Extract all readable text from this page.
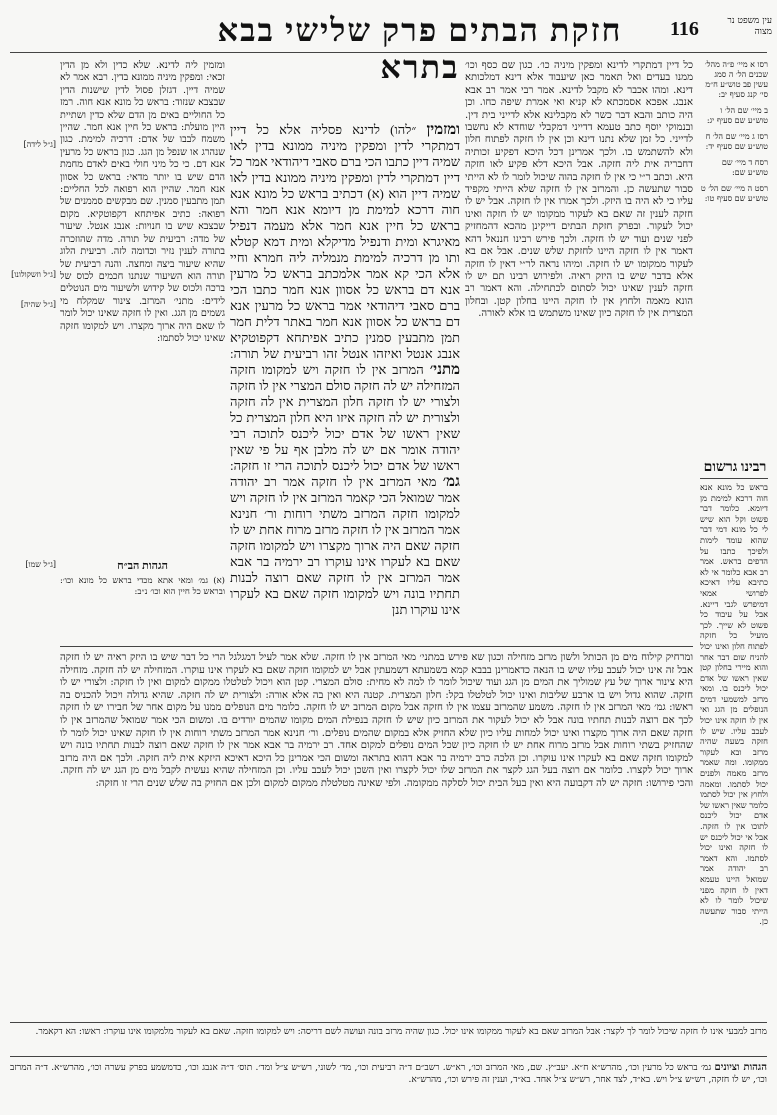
116
חזקת הבתים פרק שלישי בבא בתרא
עין משפט נר מצוה

רסו א מיי׳ פ״ה מהל׳ שכנים הל׳ ה סמג עשין פב טוש״ע ח״מ סי׳ קנג סעיף יב:

ב מיי׳ שם הל׳ ו טוש״ע שם סעיף יג:

רסז ג מיי׳ שם הל׳ ח טוש״ע שם סעיף יד:

רסח ד מיי׳ שם טוש״ע שם:

רסט ה מיי׳ שם הל׳ ט טוש״ע שם סעיף טו:

רבינו גרשום
בראש כל מונא אנא חוה דרכא למימת מן דיומא. כלומר דבר פשוט וקל הוא שיש לי כל מונא דמי דבר שהוא עומד לימות ולפיכך כתבו על הדפים בראש. אמר רב אבא כלומר אי לא כתיבא עליו דאיכא לפרושי אמאי דמיפרש לגבי דיינא. אבל על עיבוד כל פשוט לא שייך. לכך מועיל כל חזקה לפתוח חלון ואינו יכול להניח שום דבר אחר והוא מיירי בחלון קטן שאין ראשו של אדם יכול ליכנס בו. ומאי מרזב למשמעי דמים הנופלים מן הגג ואי אין לו חזקה אינו יכול לעכב עליו. שיש לו חזקה בשעה שהיה מרזב ובא לעקור ממקומו. ומה שאמר מרזב מאמה ולפנים יכול לסתמו. ומאמה ולחוץ אין יכול לסתמו כלומר שאין ראשו של אדם יכול ליכנס לתוכו אין לו חזקה. אבל אי יכול ליכנס יש לו חזקה ואינו יכול לסתמו. והא דאמר רב יהודה אמר שמואל היינו טעמא דאין לו חזקה מפני שיכול לומר לו לא הייתי סבור שתעשה כן.
כל דיין דמתקרי לדינא ומפקין מיניה כו׳. כגון שם כסף וכו׳ ממנו בעדים ואל תאמר כאן שיעבוד אלא דינא דמלכותא דינא. ומהו אכבר לא מקבל לדינא. אמר רבי אמר רב אבא אנבג. אפכא אסמכתא לא קניא ואי אמרת שיפה כחו. וכן היה כותב והבא דבר כשר לא מקבלינא אלא לדייני בית דין. ובנמוקי יוסף כתב טעמא דדייני דמקבלי שוחדא לא נחשבו לדייני. כל זמן שלא נתנו דינא וכן אין לו חזקה לפתוח חלון ולא להשתמש בו. ולכך אמרינן דכל היכא דפקיע זכותיה דחבריה אית ליה חזקה. אבל היכא דלא פקיע לאו חזקה היא. וכתב ר״י כי אין לו חזקה בהוה שיכול לומר לו לא הייתי סבור שתעשה כן. והמרזב אין לו חזקה שלא הייתי מקפיד עליו כי לא היה בו היזק. ולכך אמרו אין לו חזקה. אבל יש לו חזקה לענין זה שאם בא לעקור ממקומו יש לו חזקה ואינו יכול לעקור. ובפרק חזקת הבתים דייקינן מהכא דהמחזיק לפני שנים ועוד יש לו חזקה. ולכך פירש רבינו חננאל דהא דאמר אין לו חזקה היינו לחזקת שלש שנים. אבל אם בא לעקור ממקומו יש לו חזקה. ומיהו נראה לר״י דאין לו חזקה אלא בדבר שיש בו היזק ראיה. ולפירוש רבינו תם יש לו חזקה לענין שאינו יכול לסתום לכתחילה. והא דאמר רב הונא מאמה ולחוץ אין לו חזקה היינו בחלון קטן. ובחלון המצרית אין לו חזקה כיון שאינו משתמש בו אלא לאורה.
ומזמין ליה לדינא. שלא כדין ולא מן הדין זכאי: ומפקין מיניה ממונא בדין. רבא אמר לא שמיה דיין. דגזלן פסול לדין שישנות הדין שבצבא שנזוד: בראש כל מונא אנא חוה. רמז כל החוליים באים מן הדם שלא כדין ושתיית היין מועלת: בראש כל חיין אנא חמר. שהיין משמח לבבו של אדם: דרכיה למימת. כגון שנהרג או שנפל מן הגג. כגון בראש כל מרעין אנא דם. כי כל מיני חולי באים לאדם מחמת הדם שיש בו יותר מדאי: בראש כל אסוון אנא חמר. שהיין הוא רפואה לכל החליים: תמן מתבעין סמנין. שם מבקשים סממנים של רפואה: כתיב אפיתחא דקפוטקיא. מקום שבצבא שיש בו חנויות: אנבג אנטל. שיעור של מדה: רביעית של תורה. מדה שהוזכרה בתורה לענין נזיר וכדומה לזה. רביעית הלוג שהיא שיעור ביצה ומחצה. והנה רביעית של תורה הוא השיעור שנתנו חכמים לכוס של ברכה ולכוס של קידוש ולשיעור מים הנוטלים לידים: מתני׳ המרזב. צינור שמקלח מי גשמים מן הגג. ואין לו חזקה שאינו יכול לומר לו שאם היה ארוך מקצרו. ויש למקומו חזקה שאינו יכול לסתמו:

[ג״ל לידה]

[ג״ל וזשקולונו]

[ג״ל שהיה]

[ג״ל שמו]

ומזמין ״להו) לדינא פסליה אלא כל דיין דמתקרי לדין ומפקין מיניה ממונא בדין לאו שמיה דיין כתבו הכי ברם סאבי דיהודאי אמר כל דיין דמתקרי לדין ומפקין מיניה ממונא בדין לאו שמיה דיין הוא (א) דכתיב בראש כל מונא אנא חוה דרכא למימת מן דיומא אנא חמר והא בראש כל חיין אנא חמר אלא מעמה דנפיל מאיגרא ומית ודנפיל מדיקלא ומית דמא קטלא ותו מן דרכיה למימת מנמליה ליה חמרא וחיי אלא הכי קא אמר אלמכתב בראש כל מרעין אנא דם בראש כל אסוון אנא חמר כתבו הכי ברם סאבי דיהודאי אמר בראש כל מרעין אנא דם בראש כל אסוון אנא חמר באתר דלית חמר תמן מתבעין סמנין כתיב אפיתחא דקפוטקיא אנבג אנטל ואיזהו אנטל זהו רביעית של תורה: מתני׳ המרזב אין לו חזקה ויש למקומו חזקה המזחילה יש לה חזקה סולם המצרי אין לו חזקה ולצורי יש לו חזקה חלון המצרית אין לה חזקה ולצורית יש לה חזקה איזו היא חלון המצרית כל שאין ראשו של אדם יכול ליכנס לתוכה רבי יהודה אומר אם יש לה מלבן אף על פי שאין ראשו של אדם יכול ליכנס לתוכה הרי זו חזקה: גמ׳ מאי המרזב אין לו חזקה אמר רב יהודה אמר שמואל הכי קאמר המרזב אין לו חזקה ויש למקומו חזקה המרזב משתי רוחות ור׳ חנינא אמר המרזב אין לו חזקה מרזב מרוח אחת יש לו חזקה שאם היה ארוך מקצרו ויש למקומו חזקה שאם בא לעקרו אינו עוקרו רב ירמיה בר אבא אמר המרזב אין לו חזקה שאם רוצה לבנות תחתיו בונה ויש למקומו חזקה שאם בא לעקרו אינו עוקרו תנן
הגהות הב״ח
(א) גמ׳ ומאי אתא מכדי בראש כל מונא וכו׳: ובראש כל חיין הוא וכו׳ נ״ב:
ומרחיק קילוח מים מן הכותל ולשון מרזב מזחילה וכגון שא פירש במתני׳ מאי המרזב אין לו חזקה. שלא אמר לעיל דמגלגל הרי כל דבר שיש בו היזק ראיה יש לו חזקה אבל זה אינו יכול לעכב עליו שיש בו הנאה כדאמרינן בבבא קמא בשמעתא דשמעתין אבל יש למקומו חזקה שאם בא לעקרו אינו עוקרו. המזחילה יש לה חזקה. מזחילה היא צינור ארוך של עץ שמוליך את המים מן הגג ועוד שיכול לומר לו למה לא מחית: סולם המצרי. קטן הוא ויכול לטלטלו ממקום למקום ואין לו חזקה: ולצורי יש לו חזקה. שהוא גדול ויש בו ארבע שליבות ואינו יכול לטלטלו בקל: חלון המצרית. קטנה היא ואין בה אלא אורה: ולצורית יש לה חזקה. שהיא גדולה ויכול להכניס בה ראשו: גמ׳ מאי המרזב אין לו חזקה. משמע שהמרזב עצמו אין לו חזקה אבל מקום המרזב יש לו חזקה. כלומר מים הנופלים ממנו על מקום אחר של חבירו יש לו חזקה לכך אם רוצה לבנות תחתיו בונה אבל לא יכול לעקור את המרזב כיון שיש לו חזקה בנפילת המים מקומו שהמים יורדים בו. ומשום הכי אמר שמואל שהמרזב אין לו חזקה שאם היה ארוך מקצרו ואינו יכול למחות עליו כיון שלא החזיק אלא במקום שהמים נופלים. ור׳ חנינא אמר המרזב משתי רוחות אין לו חזקה שאינו יכול לומר לו שהחזיק בשתי רוחות אבל מרזב מרוח אחת יש לו חזקה כיון שכל המים נופלים למקום אחד. רב ירמיה בר אבא אמר אין לו חזקה שאם רוצה לבנות תחתיו בונה ויש למקומו חזקה שאם בא לעקרו אינו עוקרו. וכן הלכה כרב ירמיה בר אבא דהוא בתראה ומשום הכי אמרינן כל היכא דאיכא היזקא אית ליה חזקה. ולכך אם היה מרזב ארוך יכול לקצרו. כלומר אם רוצה בעל הגג לקצר את המרזב שלו יכול לקצרו ואין השכן יכול לעכב עליו. וכן המזחילה שהיא נעשית לקבל מים מן הגג יש לה חזקה. והכי פירושו: חזקה יש לה דקבועה היא ואין בעל הבית יכול לסלקה ממקומה. ולפי שאינה מטלטלת ממקום למקום ולכן אם החזיק בה שלש שנים הרי זו חזקה:
מרזב למבעי אינו לו חזקה שיכול לומר לך לקצר: אבל המרזב שאם בא לעקור ממקומו אינו יכול. כגון שהיה מרזב בונה ועושה לשם דריסה: ויש למקומו חזקה. שאם בא לעקור מלמקומו אינו עוקרו: ראשו: הא דקאמר.
הגהות וציונים גמ׳ בראש כל מרעין וכו׳, מהרש״א ח״א. יעב״ץ. שם, מאי המרזב וכו׳, רא״ש. רשב״ם ד״ה רביעית וכו׳, מד׳ לשוני, רש״ש צ״ל ומד׳. תוס׳ ד״ה אנבג וכו׳, כדמשמע בפרק עשרה וכו׳, מהרש״א. ד״ה המרזב וכו׳, יש לו חזקה, רש״ש צ״ל ויש. בא״ד, לצד אחר, רש״ש צ״ל אחד. בא״ד, וענין זה פירש וכו׳, מהרש״א.
